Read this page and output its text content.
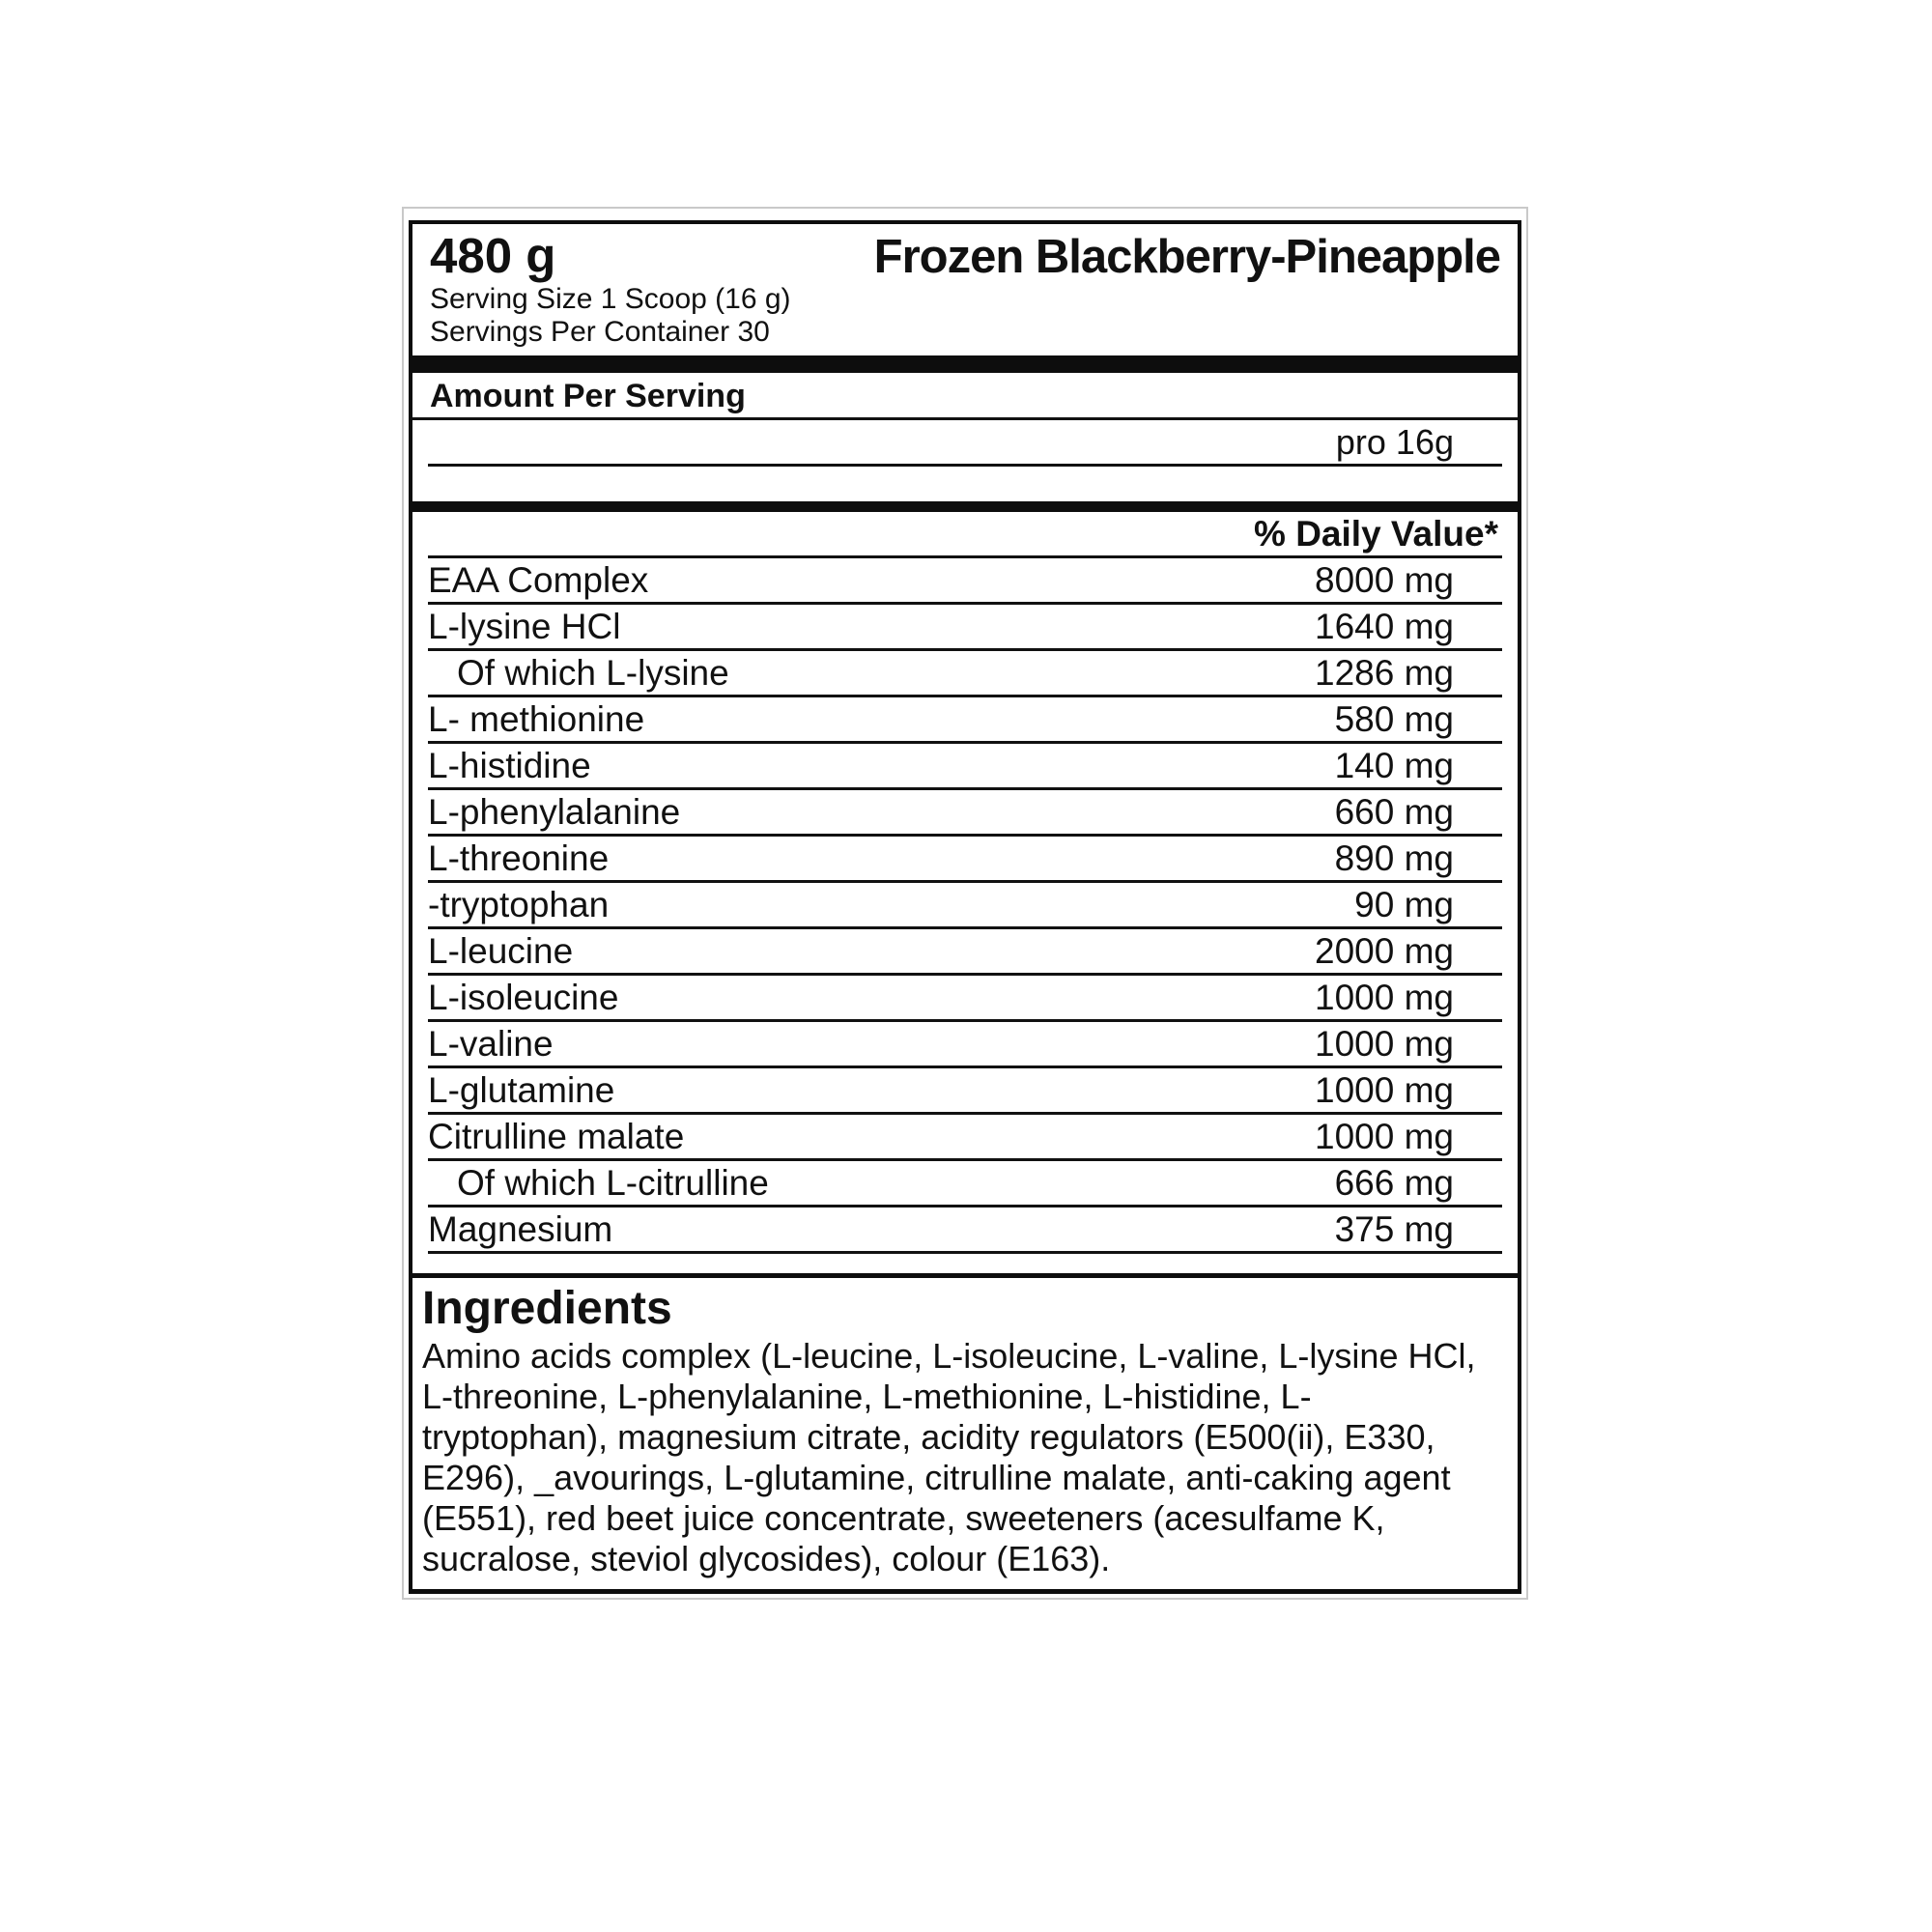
480 g	Frozen Blackberry-Pineapple
Serving Size 1 Scoop (16 g)
Servings Per Container 30
Amount Per Serving
pro 16g
% Daily Value*
EAA Complex	8000 mg
L-lysine HCl	1640 mg
Of which L-lysine	1286 mg
L- methionine	580 mg
L-histidine	140 mg
L-phenylalanine	660 mg
L-threonine	890 mg
-tryptophan	90 mg
L-leucine	2000 mg
L-isoleucine	1000 mg
L-valine	1000 mg
L-glutamine	1000 mg
Citrulline malate	1000 mg
Of which L-citrulline	666 mg
Magnesium	375 mg
Ingredients
Amino acids complex (L-leucine, L-isoleucine, L-valine, L-lysine HCl,
L-threonine, L-phenylalanine, L-methionine, L-histidine, L-
tryptophan), magnesium citrate, acidity regulators (E500(ii), E330,
E296), _avourings, L-glutamine, citrulline malate, anti-caking agent
(E551), red beet juice concentrate, sweeteners (acesulfame K,
sucralose, steviol glycosides), colour (E163).
